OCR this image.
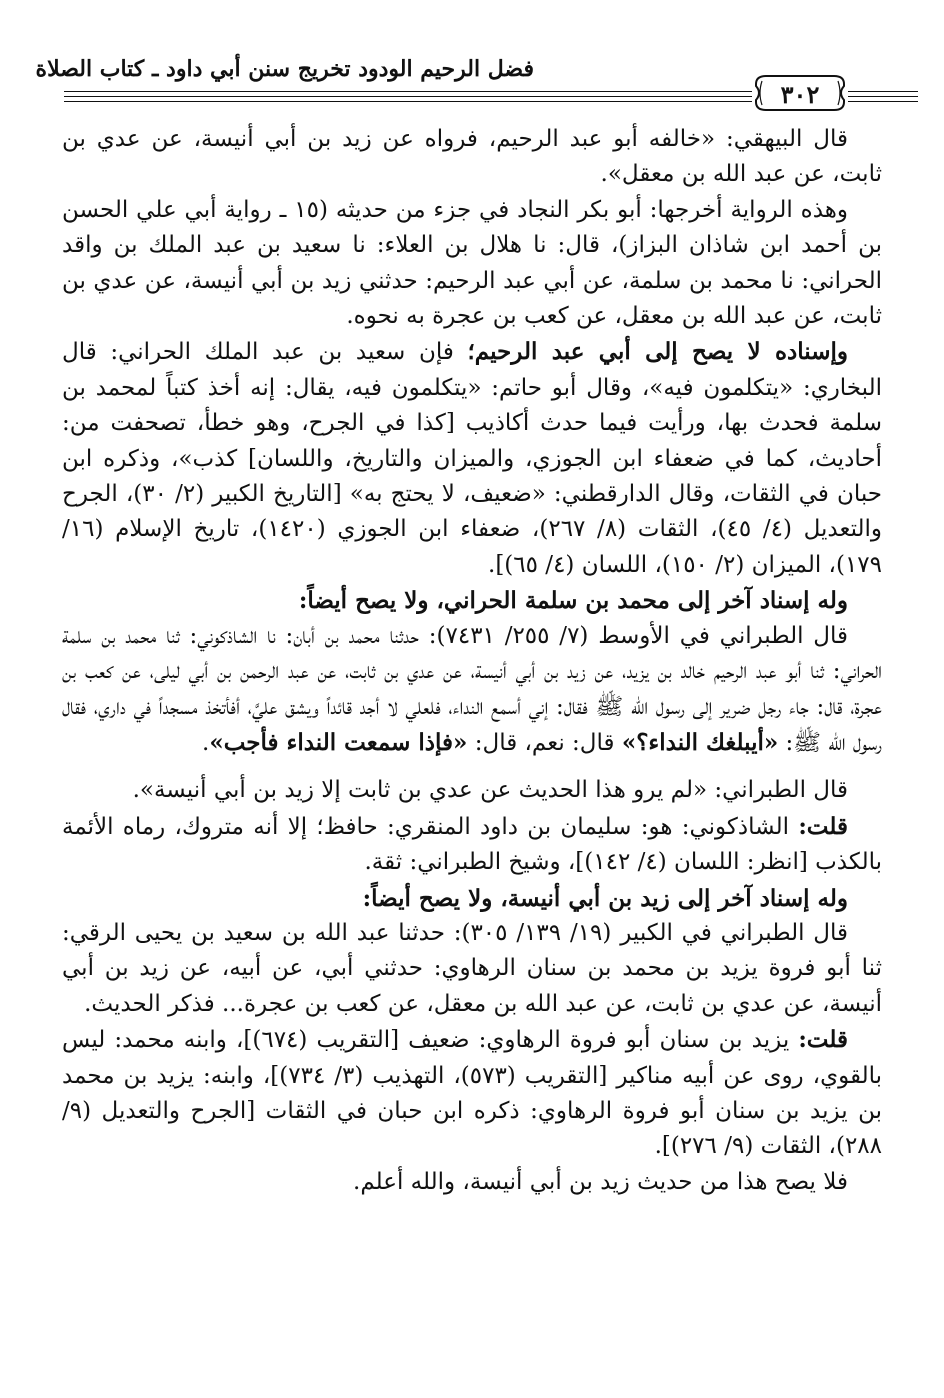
فضل الرحيم الودود تخريج سنن أبي داود ـ كتاب الصلاة
٣٠٢

قال البيهقي: «خالفه أبو عبد الرحيم، فرواه عن زيد بن أبي أنيسة، عن عدي بن ثابت، عن عبد الله بن معقل».

وهذه الرواية أخرجها: أبو بكر النجاد في جزء من حديثه (١٥ ـ رواية أبي علي الحسن بن أحمد ابن شاذان البزاز)، قال: نا هلال بن العلاء: نا سعيد بن عبد الملك بن واقد الحراني: نا محمد بن سلمة، عن أبي عبد الرحيم: حدثني زيد بن أبي أنيسة، عن عدي بن ثابت، عن عبد الله بن معقل، عن كعب بن عجرة به نحوه.

وإسناده لا يصح إلى أبي عبد الرحيم؛ فإن سعيد بن عبد الملك الحراني: قال البخاري: «يتكلمون فيه»، وقال أبو حاتم: «يتكلمون فيه، يقال: إنه أخذ كتباً لمحمد بن سلمة فحدث بها، ورأيت فيما حدث أكاذيب [كذا في الجرح، وهو خطأ، تصحفت من: أحاديث، كما في ضعفاء ابن الجوزي، والميزان والتاريخ، واللسان] كذب»، وذكره ابن حبان في الثقات، وقال الدارقطني: «ضعيف، لا يحتج به» [التاريخ الكبير (٢/ ٣٠)، الجرح والتعديل (٤/ ٤٥)، الثقات (٨/ ٢٦٧)، ضعفاء ابن الجوزي (١٤٢٠)، تاريخ الإسلام (١٦/ ١٧٩)، الميزان (٢/ ١٥٠)، اللسان (٤/ ٦٥)].

وله إسناد آخر إلى محمد بن سلمة الحراني، ولا يصح أيضاً:

قال الطبراني في الأوسط (٧/ ٢٥٥/ ٧٤٣١): حدثنا محمد بن أبان: نا الشاذكوني: ثنا محمد بن سلمة الحراني: ثنا أبو عبد الرحيم خالد بن يزيد، عن زيد بن أبي أنيسة، عن عدي بن ثابت، عن عبد الرحمن بن أبي ليلى، عن كعب بن عجرة، قال: جاء رجل ضرير إلى رسول الله ﷺ فقال: إني أسمع النداء، فلعلي لا أجد قائداً ويشق عليَّ، أفأتخذ مسجداً في داري، فقال رسول الله ﷺ: «أيبلغك النداء؟» قال: نعم، قال: «فإذا سمعت النداء فأجب».

قال الطبراني: «لم يرو هذا الحديث عن عدي بن ثابت إلا زيد بن أبي أنيسة».

قلت: الشاذكوني: هو: سليمان بن داود المنقري: حافظ؛ إلا أنه متروك، رماه الأئمة بالكذب [انظر: اللسان (٤/ ١٤٢)]، وشيخ الطبراني: ثقة.

وله إسناد آخر إلى زيد بن أبي أنيسة، ولا يصح أيضاً:

قال الطبراني في الكبير (١٩/ ١٣٩/ ٣٠٥): حدثنا عبد الله بن سعيد بن يحيى الرقي: ثنا أبو فروة يزيد بن محمد بن سنان الرهاوي: حدثني أبي، عن أبيه، عن زيد بن أبي أنيسة، عن عدي بن ثابت، عن عبد الله بن معقل، عن كعب بن عجرة... فذكر الحديث.

قلت: يزيد بن سنان أبو فروة الرهاوي: ضعيف [التقريب (٦٧٤)]، وابنه محمد: ليس بالقوي، روى عن أبيه مناكير [التقريب (٥٧٣)، التهذيب (٣/ ٧٣٤)]، وابنه: يزيد بن محمد بن يزيد بن سنان أبو فروة الرهاوي: ذكره ابن حبان في الثقات [الجرح والتعديل (٩/ ٢٨٨)، الثقات (٩/ ٢٧٦)].

فلا يصح هذا من حديث زيد بن أبي أنيسة، والله أعلم.
